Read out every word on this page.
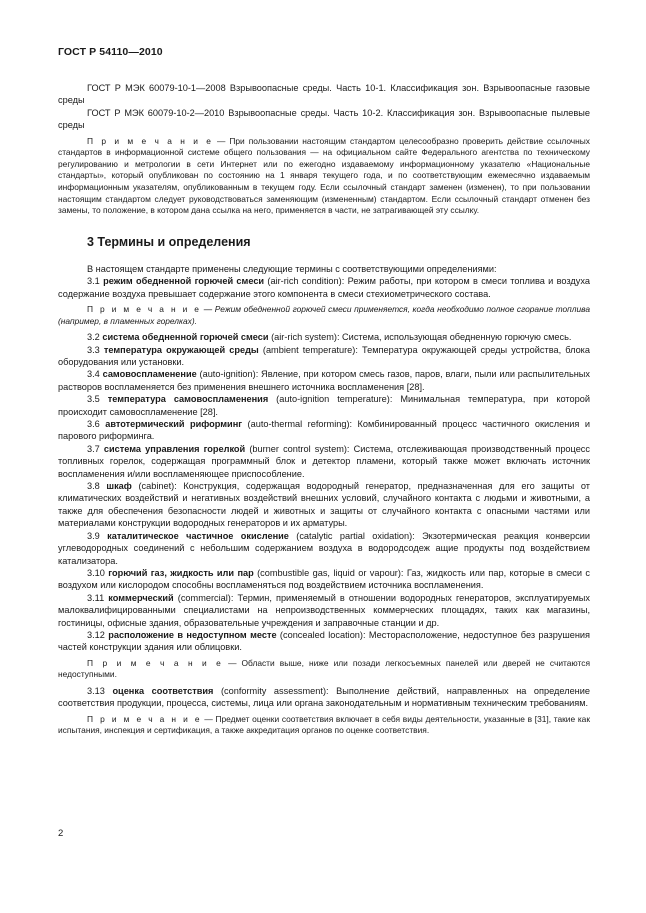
ГОСТ Р 54110—2010

ГОСТ Р МЭК 60079-10-1—2008 Взрывоопасные среды. Часть 10-1. Классификация зон. Взрывоопасные газовые среды

ГОСТ Р МЭК 60079-10-2—2010 Взрывоопасные среды. Часть 10-2. Классификация зон. Взрывоопасные пылевые среды

П р и м е ч а н и е — При пользовании настоящим стандартом целесообразно проверить действие ссылочных стандартов в информационной системе общего пользования — на официальном сайте Федерального агентства по техническому регулированию и метрологии в сети Интернет или по ежегодно издаваемому информационному указателю «Национальные стандарты», который опубликован по состоянию на 1 января текущего года, и по соответствующим ежемесячно издаваемым информационным указателям, опубликованным в текущем году. Если ссылочный стандарт заменен (изменен), то при пользовании настоящим стандартом следует руководствоваться заменяющим (измененным) стандартом. Если ссылочный стандарт отменен без замены, то положение, в котором дана ссылка на него, применяется в части, не затрагивающей эту ссылку.

3 Термины и определения

В настоящем стандарте применены следующие термины с соответствующими определениями:

3.1 режим обедненной горючей смеси (air-rich condition): Режим работы, при котором в смеси топлива и воздуха содержание воздуха превышает содержание этого компонента в смеси стехиометрического состава.

П р и м е ч а н и е — Режим обедненной горючей смеси применяется, когда необходимо полное сгорание топлива (например, в пламенных горелках).

3.2 система обедненной горючей смеси (air-rich system): Система, использующая обедненную горючую смесь.

3.3 температура окружающей среды (ambient temperature): Температура окружающей среды устройства, блока оборудования или установки.

3.4 самовоспламенение (auto-ignition): Явление, при котором смесь газов, паров, влаги, пыли или распылительных растворов воспламеняется без применения внешнего источника воспламенения [28].

3.5 температура самовоспламенения (auto-ignition temperature): Минимальная температура, при которой происходит самовоспламенение [28].

3.6 автотермический риформинг (auto-thermal reforming): Комбинированный процесс частичного окисления и парового риформинга.

3.7 система управления горелкой (burner control system): Система, отслеживающая производственный процесс топливных горелок, содержащая программный блок и детектор пламени, который также может включать источник воспламенения и/или воспламеняющее приспособление.

3.8 шкаф (cabinet): Конструкция, содержащая водородный генератор, предназначенная для его защиты от климатических воздействий и негативных воздействий внешних условий, случайного контакта с людьми и животными, а также для обеспечения безопасности людей и животных и защиты от случайного контакта с опасными частями или материалами конструкции водородных генераторов и их арматуры.

3.9 каталитическое частичное окисление (catalytic partial oxidation): Экзотермическая реакция конверсии углеводородных соединений с небольшим содержанием воздуха в водородсодеж ащие продукты под воздействием катализатора.

3.10 горючий газ, жидкость или пар (combustible gas, liquid or vapour): Газ, жидкость или пар, которые в смеси с воздухом или кислородом способны воспламеняться под воздействием источника воспламенения.

3.11 коммерческий (commercial): Термин, применяемый в отношении водородных генераторов, эксплуатируемых малоквалифицированными специалистами на непроизводственных коммерческих площадях, таких как магазины, гостиницы, офисные здания, образовательные учреждения и заправочные станции и др.

3.12 расположение в недоступном месте (concealed location): Месторасположение, недоступное без разрушения частей конструкции здания или облицовки.

П р и м е ч а н и е — Области выше, ниже или позади легкосъемных панелей или дверей не считаются недоступными.

3.13 оценка соответствия (conformity assessment): Выполнение действий, направленных на определение соответствия продукции, процесса, системы, лица или органа законодательным и нормативным техническим требованиям.

П р и м е ч а н и е — Предмет оценки соответствия включает в себя виды деятельности, указанные в [31], такие как испытания, инспекция и сертификация, а также аккредитация органов по оценке соответствия.

2
